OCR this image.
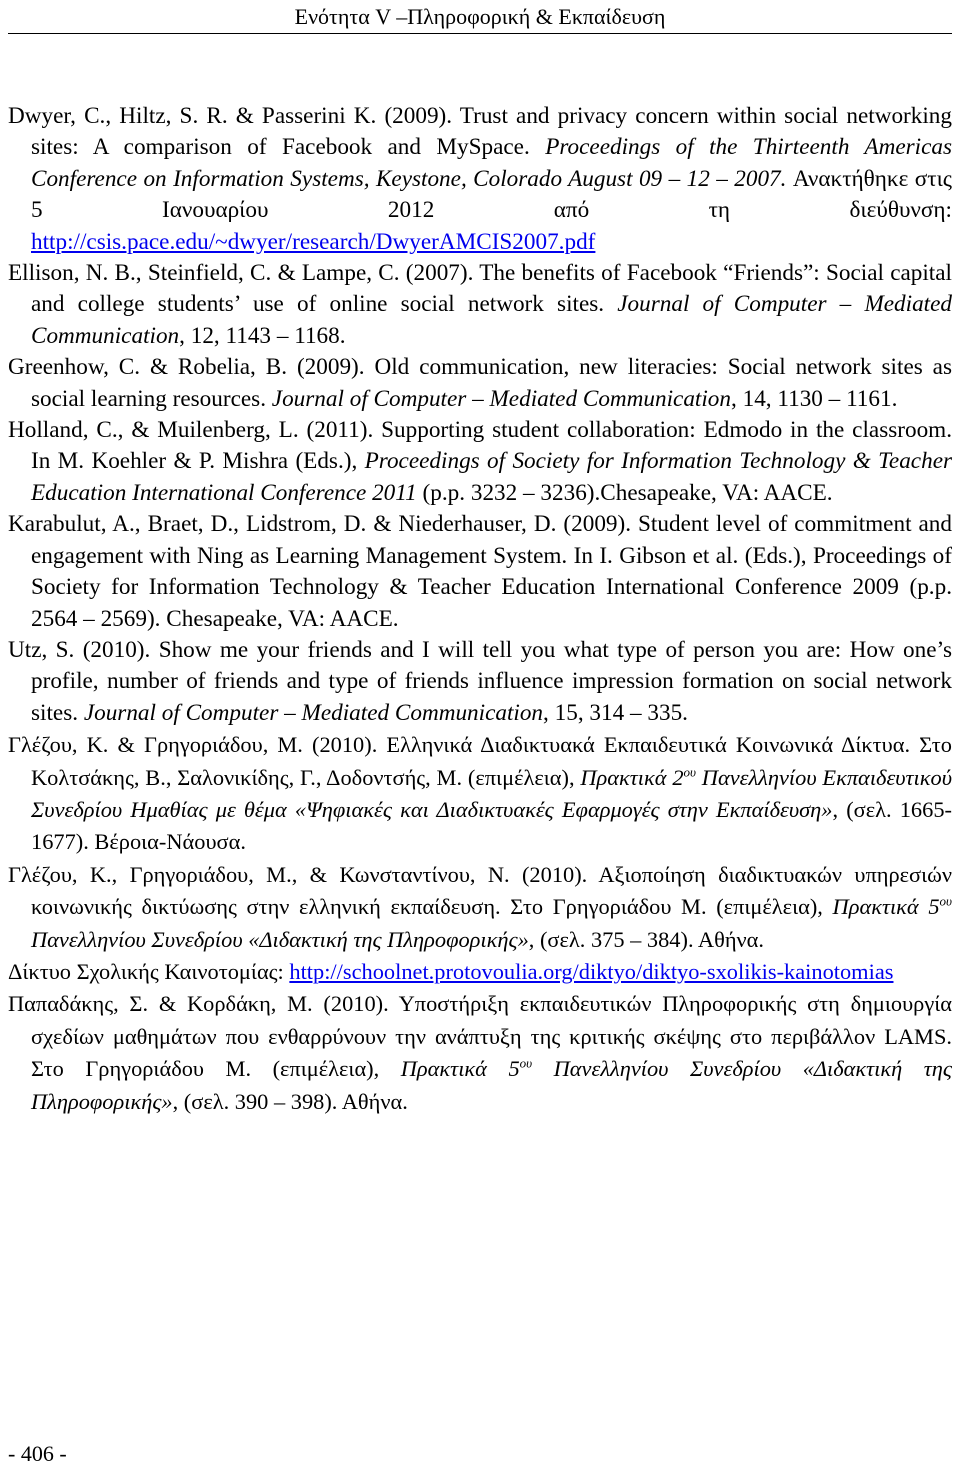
Ενότητα V –Πληροφορική & Εκπαίδευση

Dwyer, C., Hiltz, S. R. & Passerini K. (2009). Trust and privacy concern within social networking sites: A comparison of Facebook and MySpace. Proceedings of the Thirteenth Americas Conference on Information Systems, Keystone, Colorado August 09 – 12 – 2007. Ανακτήθηκε στις 5 Ιανουαρίου 2012 από τη διεύθυνση: http://csis.pace.edu/~dwyer/research/DwyerAMCIS2007.pdf

Ellison, N. B., Steinfield, C. & Lampe, C. (2007). The benefits of Facebook “Friends”: Social capital and college students’ use of online social network sites. Journal of Computer – Mediated Communication, 12, 1143 – 1168.

Greenhow, C. & Robelia, B. (2009). Old communication, new literacies: Social network sites as social learning resources. Journal of Computer – Mediated Communication, 14, 1130 – 1161.

Holland, C., & Muilenberg, L. (2011). Supporting student collaboration: Edmodo in the classroom. In M. Koehler & P. Mishra (Eds.), Proceedings of Society for Information Technology & Teacher Education International Conference 2011 (p.p. 3232 – 3236).Chesapeake, VA: AACE.

Karabulut, A., Braet, D., Lidstrom, D. & Niederhauser, D. (2009). Student level of commitment and engagement with Ning as Learning Management System. In I. Gibson et al. (Eds.), Proceedings of Society for Information Technology & Teacher Education International Conference 2009 (p.p. 2564 – 2569). Chesapeake, VA: AACE.

Utz, S. (2010). Show me your friends and I will tell you what type of person you are: How one’s profile, number of friends and type of friends influence impression formation on social network sites. Journal of Computer – Mediated Communication, 15, 314 – 335.

Γλέζου, Κ. & Γρηγοριάδου, Μ. (2010). Ελληνικά Διαδικτυακά Εκπαιδευτικά Κοινωνικά Δίκτυα. Στο Κολτσάκης, Β., Σαλονικίδης, Γ., Δοδοντσής, Μ. (επιμέλεια), Πρακτικά $2^{o\upsilon}$ Πανελληνίου Εκπαιδευτικού Συνεδρίου Ημαθίας με θέμα «Ψηφιακές και Διαδικτυακές Εφαρμογές στην Εκπαίδευση», (σελ. 1665-1677). Βέροια-Νάουσα.

Γλέζου, Κ., Γρηγοριάδου, Μ., & Κωνσταντίνου, Ν. (2010). Αξιοποίηση διαδικτυακών υπηρεσιών κοινωνικής δικτύωσης στην ελληνική εκπαίδευση. Στο Γρηγοριάδου Μ. (επιμέλεια), Πρακτικά $5^{o\upsilon}$ Πανελληνίου Συνεδρίου «Διδακτική της Πληροφορικής», (σελ. 375 – 384). Αθήνα.

Δίκτυο Σχολικής Καινοτομίας: http://schoolnet.protovoulia.org/diktyo/diktyo-sxolikis-kainotomias

Παπαδάκης, Σ. & Κορδάκη, Μ. (2010). Υποστήριξη εκπαιδευτικών Πληροφορικής στη δημιουργία σχεδίων μαθημάτων που ενθαρρύνουν την ανάπτυξη της κριτικής σκέψης στο περιβάλλον LAMS. Στο Γρηγοριάδου Μ. (επιμέλεια), Πρακτικά $5^{o\upsilon}$ Πανελληνίου Συνεδρίου «Διδακτική της Πληροφορικής», (σελ. 390 – 398). Αθήνα.

- 406 -
